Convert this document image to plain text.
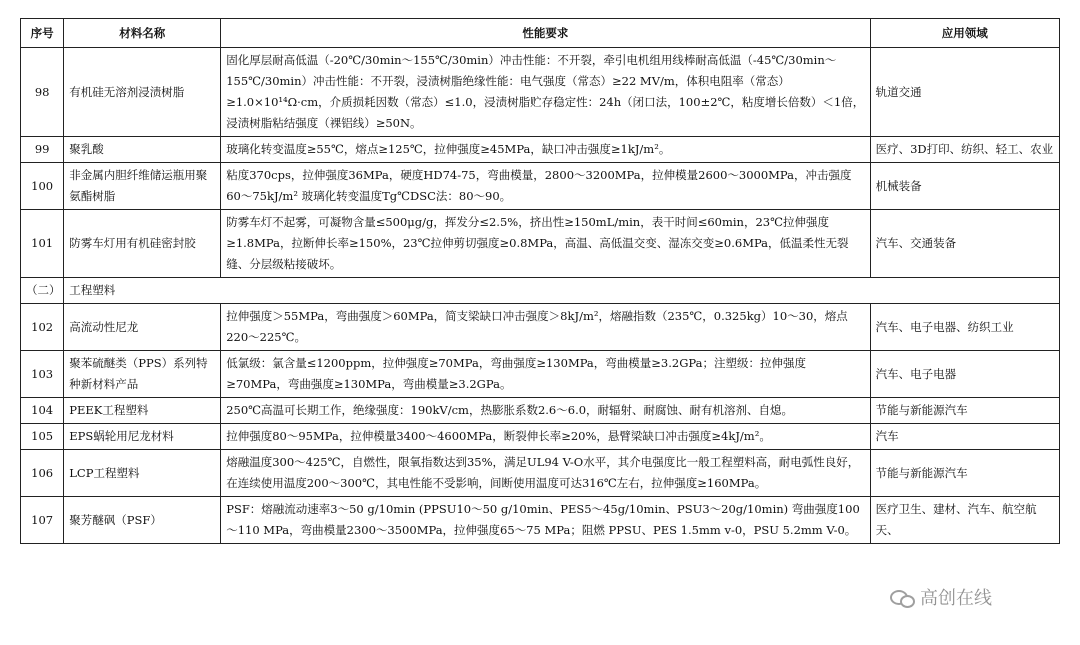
序号	材料名称	性能要求	应用领域
98	有机硅无溶剂浸渍树脂	固化厚层耐高低温（-20℃/30min～155℃/30min）冲击性能：不开裂，牵引电机组用线棒耐高低温（-45℃/30min～155℃/30min）冲击性能：不开裂，浸渍树脂绝缘性能：电气强度（常态）≥22 MV/m，体积电阻率（常态）≥1.0×10¹⁴Ω·cm，介质损耗因数（常态）≤1.0，浸渍树脂贮存稳定性：24h（闭口法，100±2℃，粘度增长倍数）＜1倍，浸渍树脂粘结强度（裸铝线）≥50N。	轨道交通
99	聚乳酸	玻璃化转变温度≥55℃，熔点≥125℃，拉伸强度≥45MPa，缺口冲击强度≥1kJ/m²。	医疗、3D打印、纺织、轻工、农业
100	非金属内胆纤维储运瓶用聚氨酯树脂	粘度370cps，拉伸强度36MPa，硬度HD74-75，弯曲模量，2800～3200MPa，拉伸模量2600～3000MPa，冲击强度60～75kJ/m² 玻璃化转变温度Tg℃DSC法：80～90。	机械装备
101	防雾车灯用有机硅密封胶	防雾车灯不起雾，可凝物含量≤500μg/g，挥发分≤2.5%，挤出性≥150mL/min，表干时间≤60min，23℃拉伸强度≥1.8MPa，拉断伸长率≥150%，23℃拉伸剪切强度≥0.8MPa，高温、高低温交变、湿冻交变≥0.6MPa，低温柔性无裂缝、分层级粘接破坏。	汽车、交通装备
（二）	工程塑料		
102	高流动性尼龙	拉伸强度＞55MPa，弯曲强度＞60MPa，简支梁缺口冲击强度＞8kJ/m²，熔融指数（235℃，0.325kg）10～30，熔点220～225℃。	汽车、电子电器、纺织工业
103	聚苯硫醚类（PPS）系列特种新材料产品	低氯级：氯含量≤1200ppm，拉伸强度≥70MPa，弯曲强度≥130MPa，弯曲模量≥3.2GPa；注塑级：拉伸强度≥70MPa，弯曲强度≥130MPa，弯曲模量≥3.2GPa。	汽车、电子电器
104	PEEK工程塑料	250℃高温可长期工作，绝缘强度：190kV/cm，热膨胀系数2.6～6.0，耐辐射、耐腐蚀、耐有机溶剂、自熄。	节能与新能源汽车
105	EPS蜗轮用尼龙材料	拉伸强度80～95MPa，拉伸模量3400～4600MPa，断裂伸长率≥20%，悬臂梁缺口冲击强度≥4kJ/m²。	汽车
106	LCP工程塑料	熔融温度300～425℃，自燃性，限氧指数达到35%，满足UL94 V-O水平，其介电强度比一般工程塑料高，耐电弧性良好，在连续使用温度200～300℃，其电性能不受影响，间断使用温度可达316℃左右，拉伸强度≥160MPa。	节能与新能源汽车
107	聚芳醚砜（PSF）	PSF：熔融流动速率3～50 g/10min (PPSU10～50 g/10min、PES5～45g/10min、PSU3～20g/10min) 弯曲强度100～110 MPa，弯曲模量2300～3500MPa，拉伸强度65～75 MPa；阻燃 PPSU、PES 1.5mm v-0，PSU 5.2mm V-0。	医疗卫生、建材、汽车、航空航天、
高创在线
